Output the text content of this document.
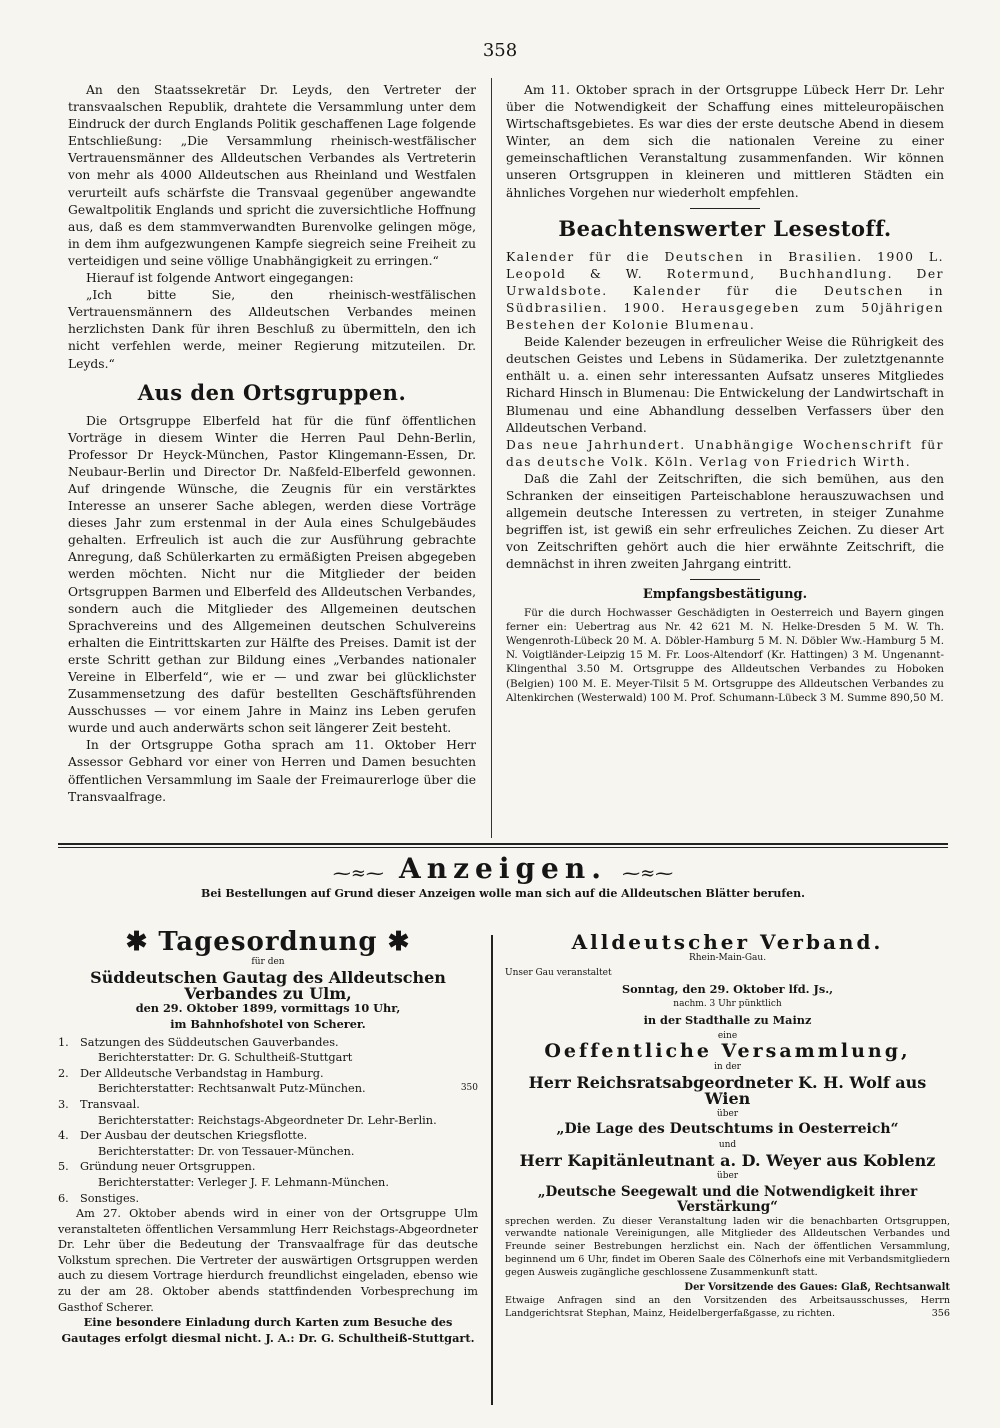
358

An den Staatssekretär Dr. Leyds, den Vertreter der transvaalschen Republik, drahtete die Versammlung unter dem Eindruck der durch Englands Politik geschaffenen Lage folgende Entschließung: „Die Versammlung rheinisch-westfälischer Vertrauensmänner des Alldeutschen Verbandes als Vertreterin von mehr als 4000 Alldeutschen aus Rheinland und Westfalen verurteilt aufs schärfste die Transvaal gegenüber angewandte Gewaltpolitik Englands und spricht die zuversichtliche Hoffnung aus, daß es dem stammverwandten Burenvolke gelingen möge, in dem ihm aufgezwungenen Kampfe siegreich seine Freiheit zu verteidigen und seine völlige Unabhängigkeit zu erringen.“

Hierauf ist folgende Antwort eingegangen:

„Ich bitte Sie, den rheinisch-westfälischen Vertrauensmännern des Alldeutschen Verbandes meinen herzlichsten Dank für ihren Beschluß zu übermitteln, den ich nicht verfehlen werde, meiner Regierung mitzuteilen. Dr. Leyds.“

Aus den Ortsgruppen.

Die Ortsgruppe Elberfeld hat für die fünf öffentlichen Vorträge in diesem Winter die Herren Paul Dehn-Berlin, Professor Dr Heyck-München, Pastor Klingemann-Essen, Dr. Neubaur-Berlin und Director Dr. Naßfeld-Elberfeld gewonnen. Auf dringende Wünsche, die Zeugnis für ein verstärktes Interesse an unserer Sache ablegen, werden diese Vorträge dieses Jahr zum erstenmal in der Aula eines Schulgebäudes gehalten. Erfreulich ist auch die zur Ausführung gebrachte Anregung, daß Schülerkarten zu ermäßigten Preisen abgegeben werden möchten. Nicht nur die Mitglieder der beiden Ortsgruppen Barmen und Elberfeld des Alldeutschen Verbandes, sondern auch die Mitglieder des Allgemeinen deutschen Sprachvereins und des Allgemeinen deutschen Schulvereins erhalten die Eintrittskarten zur Hälfte des Preises. Damit ist der erste Schritt gethan zur Bildung eines „Verbandes nationaler Vereine in Elberfeld“, wie er — und zwar bei glücklichster Zusammensetzung des dafür bestellten Geschäftsführenden Ausschusses — vor einem Jahre in Mainz ins Leben gerufen wurde und auch anderwärts schon seit längerer Zeit besteht.

In der Ortsgruppe Gotha sprach am 11. Oktober Herr Assessor Gebhard vor einer von Herren und Damen besuchten öffentlichen Versammlung im Saale der Freimaurerloge über die Transvaalfrage.

Am 11. Oktober sprach in der Ortsgruppe Lübeck Herr Dr. Lehr über die Notwendigkeit der Schaffung eines mitteleuropäischen Wirtschaftsgebietes. Es war dies der erste deutsche Abend in diesem Winter, an dem sich die nationalen Vereine zu einer gemeinschaftlichen Veranstaltung zusammenfanden. Wir können unseren Ortsgruppen in kleineren und mittleren Städten ein ähnliches Vorgehen nur wiederholt empfehlen.

Beachtenswerter Lesestoff.

Kalender für die Deutschen in Brasilien. 1900 L. Leopold & W. Rotermund, Buchhandlung. Der Urwaldsbote. Kalender für die Deutschen in Südbrasilien. 1900. Herausgegeben zum 50jährigen Bestehen der Kolonie Blumenau.

Beide Kalender bezeugen in erfreulicher Weise die Rührigkeit des deutschen Geistes und Lebens in Südamerika. Der zuletztgenannte enthält u. a. einen sehr interessanten Aufsatz unseres Mitgliedes Richard Hinsch in Blumenau: Die Entwickelung der Landwirtschaft in Blumenau und eine Abhandlung desselben Verfassers über den Alldeutschen Verband.

Das neue Jahrhundert. Unabhängige Wochenschrift für das deutsche Volk. Köln. Verlag von Friedrich Wirth.

Daß die Zahl der Zeitschriften, die sich bemühen, aus den Schranken der einseitigen Parteischablone herauszuwachsen und allgemein deutsche Interessen zu vertreten, in steiger Zunahme begriffen ist, ist gewiß ein sehr erfreuliches Zeichen. Zu dieser Art von Zeitschriften gehört auch die hier erwähnte Zeitschrift, die demnächst in ihren zweiten Jahrgang eintritt.

Empfangsbestätigung.

Für die durch Hochwasser Geschädigten in Oesterreich und Bayern gingen ferner ein: Uebertrag aus Nr. 42 621 M. N. Helke-Dresden 5 M. W. Th. Wengenroth-Lübeck 20 M. A. Döbler-Hamburg 5 M. N. Döbler Ww.-Hamburg 5 M. N. Voigtländer-Leipzig 15 M. Fr. Loos-Altendorf (Kr. Hattingen) 3 M. Ungenannt-Klingenthal 3.50 M. Ortsgruppe des Alldeutschen Verbandes zu Hoboken (Belgien) 100 M. E. Meyer-Tilsit 5 M. Ortsgruppe des Alldeutschen Verbandes zu Altenkirchen (Westerwald) 100 M. Prof. Schumann-Lübeck 3 M. Summe 890,50 M.

⁓≈⁓ Anzeigen. ⁓≈⁓
Bei Bestellungen auf Grund dieser Anzeigen wolle man sich auf die Alldeutschen Blätter berufen.
✱ Tagesordnung ✱
für den
Süddeutschen Gautag des Alldeutschen Verbandes zu Ulm,
den 29. Oktober 1899, vormittags 10 Uhr,
im Bahnhofshotel von Scherer.
1. Satzungen des Süddeutschen Gauverbandes.
Berichterstatter: Dr. G. Schultheiß-Stuttgart
2. Der Alldeutsche Verbandstag in Hamburg.
Berichterstatter: Rechtsanwalt Putz-München.	350
3. Transvaal.
Berichterstatter: Reichstags-Abgeordneter Dr. Lehr-Berlin.
4. Der Ausbau der deutschen Kriegsflotte.
Berichterstatter: Dr. von Tessauer-München.
5. Gründung neuer Ortsgruppen.
Berichterstatter: Verleger J. F. Lehmann-München.
6. Sonstiges.

Am 27. Oktober abends wird in einer von der Ortsgruppe Ulm veranstalteten öffentlichen Versammlung Herr Reichstags-Abgeordneter Dr. Lehr über die Bedeutung der Transvaalfrage für das deutsche Volkstum sprechen. Die Vertreter der auswärtigen Ortsgruppen werden auch zu diesem Vortrage hierdurch freundlichst eingeladen, ebenso wie zu der am 28. Oktober abends stattfindenden Vorbesprechung im Gasthof Scherer.

Eine besondere Einladung durch Karten zum Besuche des Gautages erfolgt diesmal nicht. J. A.: Dr. G. Schultheiß-Stuttgart.

Alldeutscher Verband.
Rhein-Main-Gau.
Unser Gau veranstaltet
Sonntag, den 29. Oktober lfd. Js.,
nachm. 3 Uhr pünktlich
in der Stadthalle zu Mainz
eine
Oeffentliche Versammlung,
in der
Herr Reichsratsabgeordneter K. H. Wolf aus Wien
über
„Die Lage des Deutschtums in Oesterreich“
und
Herr Kapitänleutnant a. D. Weyer aus Koblenz
über
„Deutsche Seegewalt und die Notwendigkeit ihrer Verstärkung“

sprechen werden. Zu dieser Veranstaltung laden wir die benachbarten Ortsgruppen, verwandte nationale Vereinigungen, alle Mitglieder des Alldeutschen Verbandes und Freunde seiner Bestrebungen herzlichst ein. Nach der öffentlichen Versammlung, beginnend um 6 Uhr, findet im Oberen Saale des Cölnerhofs eine mit Verbandsmitgliedern gegen Ausweis zugängliche geschlossene Zusammenkunft statt.

Der Vorsitzende des Gaues: Glaß, Rechtsanwalt

Etwaige Anfragen sind an den Vorsitzenden des Arbeitsausschusses, Herrn Landgerichtsrat Stephan, Mainz, Heidelbergerfaßgasse, zu richten.	356
